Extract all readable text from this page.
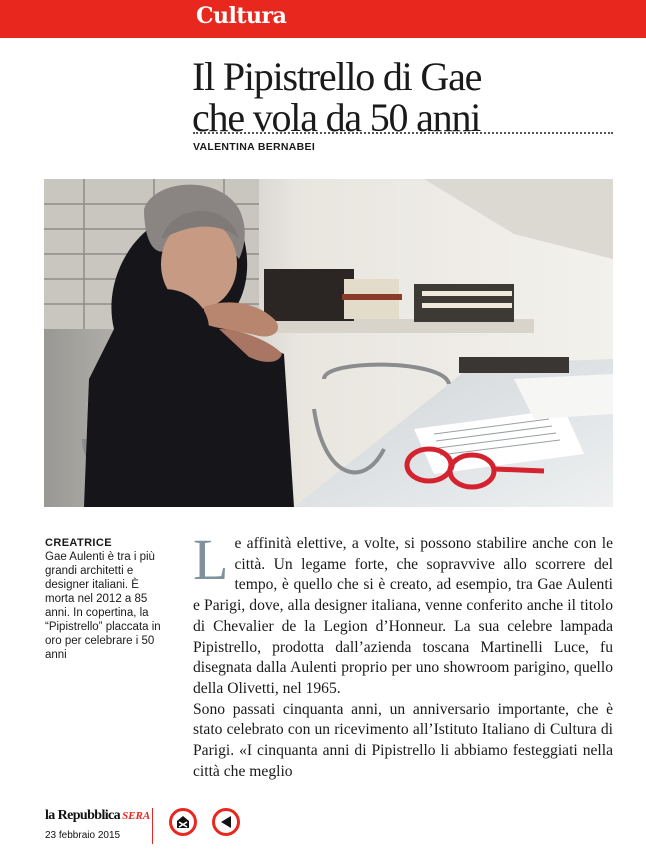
Cultura
Il Pipistrello di Gae
che vola da 50 anni
VALENTINA BERNABEI
CREATRICE
Gae Aulenti è tra i più grandi architetti e designer italiani. È morta nel 2012 a 85 anni. In copertina, la “Pipistrello” placcata in oro per celebrare i 50 anni

Le affinità elettive, a volte, si possono stabilire anche con le città. Un legame forte, che sopravvive allo scorrere del tempo, è quello che si è creato, ad esempio, tra Gae Aulenti e Parigi, dove, alla designer italiana, venne conferito anche il titolo di Chevalier de la Legion d’Honneur. La sua celebre lampada Pipistrello, prodotta dall’azienda toscana Martinelli Luce, fu disegnata dalla Aulenti proprio per uno showroom parigino, quello della Olivetti, nel 1965.

Sono passati cinquanta anni, un anniversario importante, che è stato celebrato con un ricevimento all’Istituto Italiano di Cultura di Parigi. «I cinquanta anni di Pipistrello li abbiamo festeggiati nella città che meglio

la Repubblica SERA
23 febbraio 2015
